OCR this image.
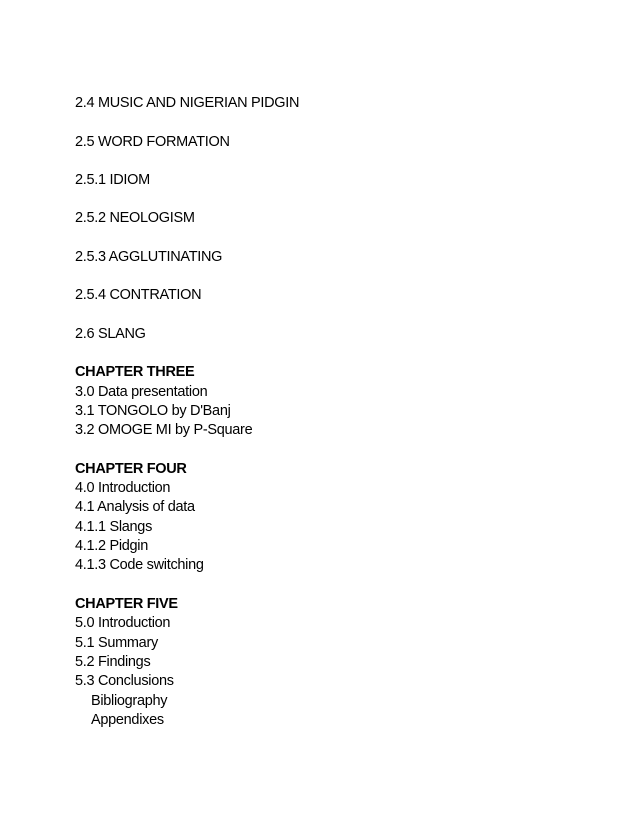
2.4 MUSIC AND NIGERIAN PIDGIN
2.5 WORD FORMATION
2.5.1 IDIOM
2.5.2 NEOLOGISM
2.5.3 AGGLUTINATING
2.5.4 CONTRATION
2.6 SLANG
CHAPTER THREE
3.0 Data presentation
3.1 TONGOLO by D'Banj
3.2 OMOGE MI by P-Square
CHAPTER FOUR
4.0 Introduction
4.1 Analysis of data
4.1.1 Slangs
4.1.2 Pidgin
4.1.3 Code switching
CHAPTER FIVE
5.0 Introduction
5.1 Summary
5.2 Findings
5.3 Conclusions
Bibliography
Appendixes
